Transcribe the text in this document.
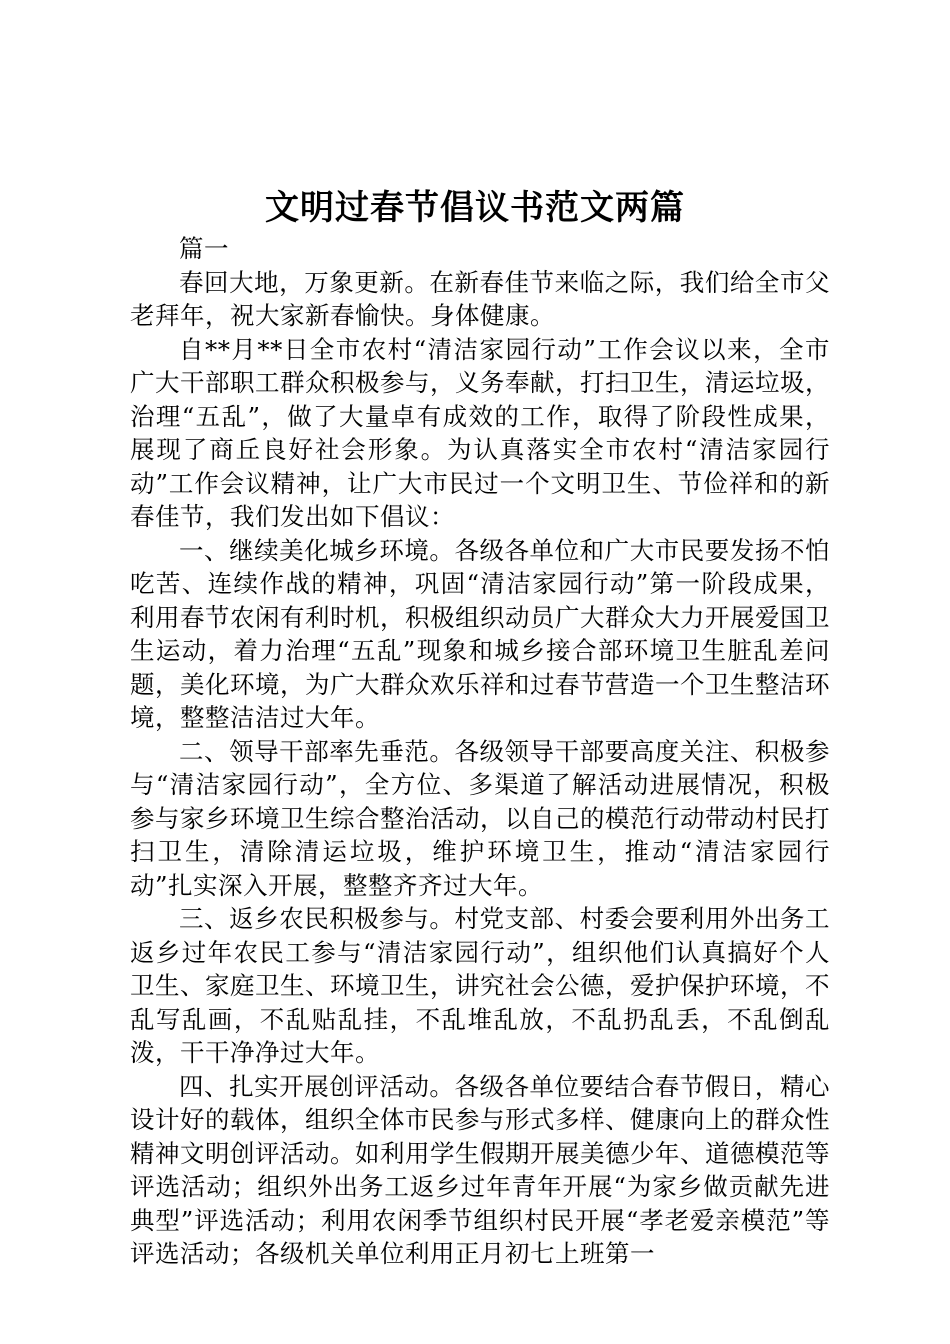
文明过春节倡议书范文两篇

篇一

春回大地，万象更新。在新春佳节来临之际，我们给全市父老拜年，祝大家新春愉快。身体健康。

自**月**日全市农村“清洁家园行动”工作会议以来，全市广大干部职工群众积极参与，义务奉献，打扫卫生，清运垃圾，治理“五乱”，做了大量卓有成效的工作，取得了阶段性成果，展现了商丘良好社会形象。为认真落实全市农村“清洁家园行动”工作会议精神，让广大市民过一个文明卫生、节俭祥和的新春佳节，我们发出如下倡议：

一、继续美化城乡环境。各级各单位和广大市民要发扬不怕吃苦、连续作战的精神，巩固“清洁家园行动”第一阶段成果，利用春节农闲有利时机，积极组织动员广大群众大力开展爱国卫生运动，着力治理“五乱”现象和城乡接合部环境卫生脏乱差问题，美化环境，为广大群众欢乐祥和过春节营造一个卫生整洁环境，整整洁洁过大年。

二、领导干部率先垂范。各级领导干部要高度关注、积极参与“清洁家园行动”，全方位、多渠道了解活动进展情况，积极参与家乡环境卫生综合整治活动，以自己的模范行动带动村民打扫卫生，清除清运垃圾，维护环境卫生，推动“清洁家园行动”扎实深入开展，整整齐齐过大年。

三、返乡农民积极参与。村党支部、村委会要利用外出务工返乡过年农民工参与“清洁家园行动”，组织他们认真搞好个人卫生、家庭卫生、环境卫生，讲究社会公德，爱护保护环境，不乱写乱画，不乱贴乱挂，不乱堆乱放，不乱扔乱丢，不乱倒乱泼，干干净净过大年。

四、扎实开展创评活动。各级各单位要结合春节假日，精心设计好的载体，组织全体市民参与形式多样、健康向上的群众性精神文明创评活动。如利用学生假期开展美德少年、道德模范等评选活动；组织外出务工返乡过年青年开展“为家乡做贡献先进典型”评选活动；利用农闲季节组织村民开展“孝老爱亲模范”等评选活动；各级机关单位利用正月初七上班第一
